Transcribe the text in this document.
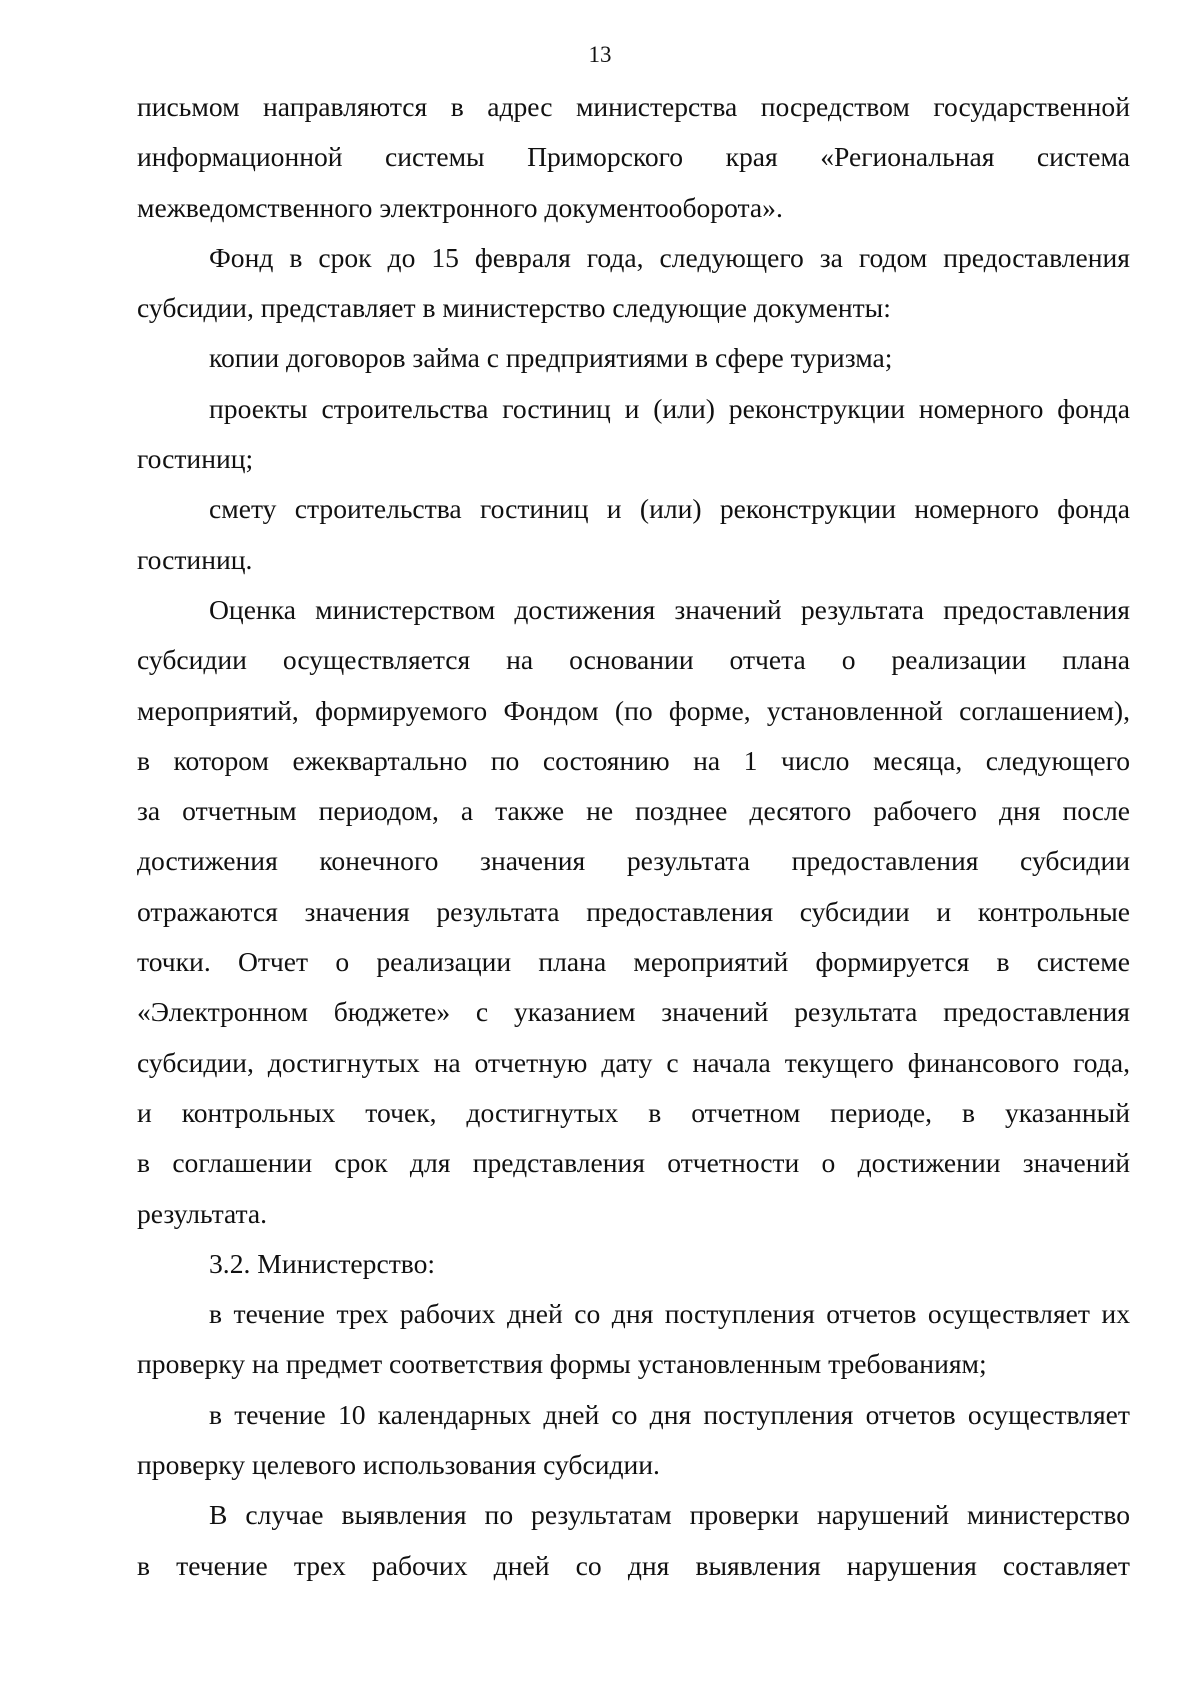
13
письмом направляются в адрес министерства посредством государственной
информационной системы Приморского края «Региональная система
межведомственного электронного документооборота».
Фонд в срок до 15 февраля года, следующего за годом предоставления
субсидии, представляет в министерство следующие документы:
копии договоров займа с предприятиями в сфере туризма;
проекты строительства гостиниц и (или) реконструкции номерного фонда
гостиниц;
смету строительства гостиниц и (или) реконструкции номерного фонда
гостиниц.
Оценка министерством достижения значений результата предоставления
субсидии осуществляется на основании отчета о реализации плана
мероприятий, формируемого Фондом (по форме, установленной соглашением),
в котором ежеквартально по состоянию на 1 число месяца, следующего
за отчетным периодом, а также не позднее десятого рабочего дня после
достижения конечного значения результата предоставления субсидии
отражаются значения результата предоставления субсидии и контрольные
точки. Отчет о реализации плана мероприятий формируется в системе
«Электронном бюджете» с указанием значений результата предоставления
субсидии, достигнутых на отчетную дату с начала текущего финансового года,
и контрольных точек, достигнутых в отчетном периоде, в указанный
в соглашении срок для представления отчетности о достижении значений
результата.
3.2. Министерство:
в течение трех рабочих дней со дня поступления отчетов осуществляет их
проверку на предмет соответствия формы установленным требованиям;
в течение 10 календарных дней со дня поступления отчетов осуществляет
проверку целевого использования субсидии.
В случае выявления по результатам проверки нарушений министерство
в течение трех рабочих дней со дня выявления нарушения составляет
